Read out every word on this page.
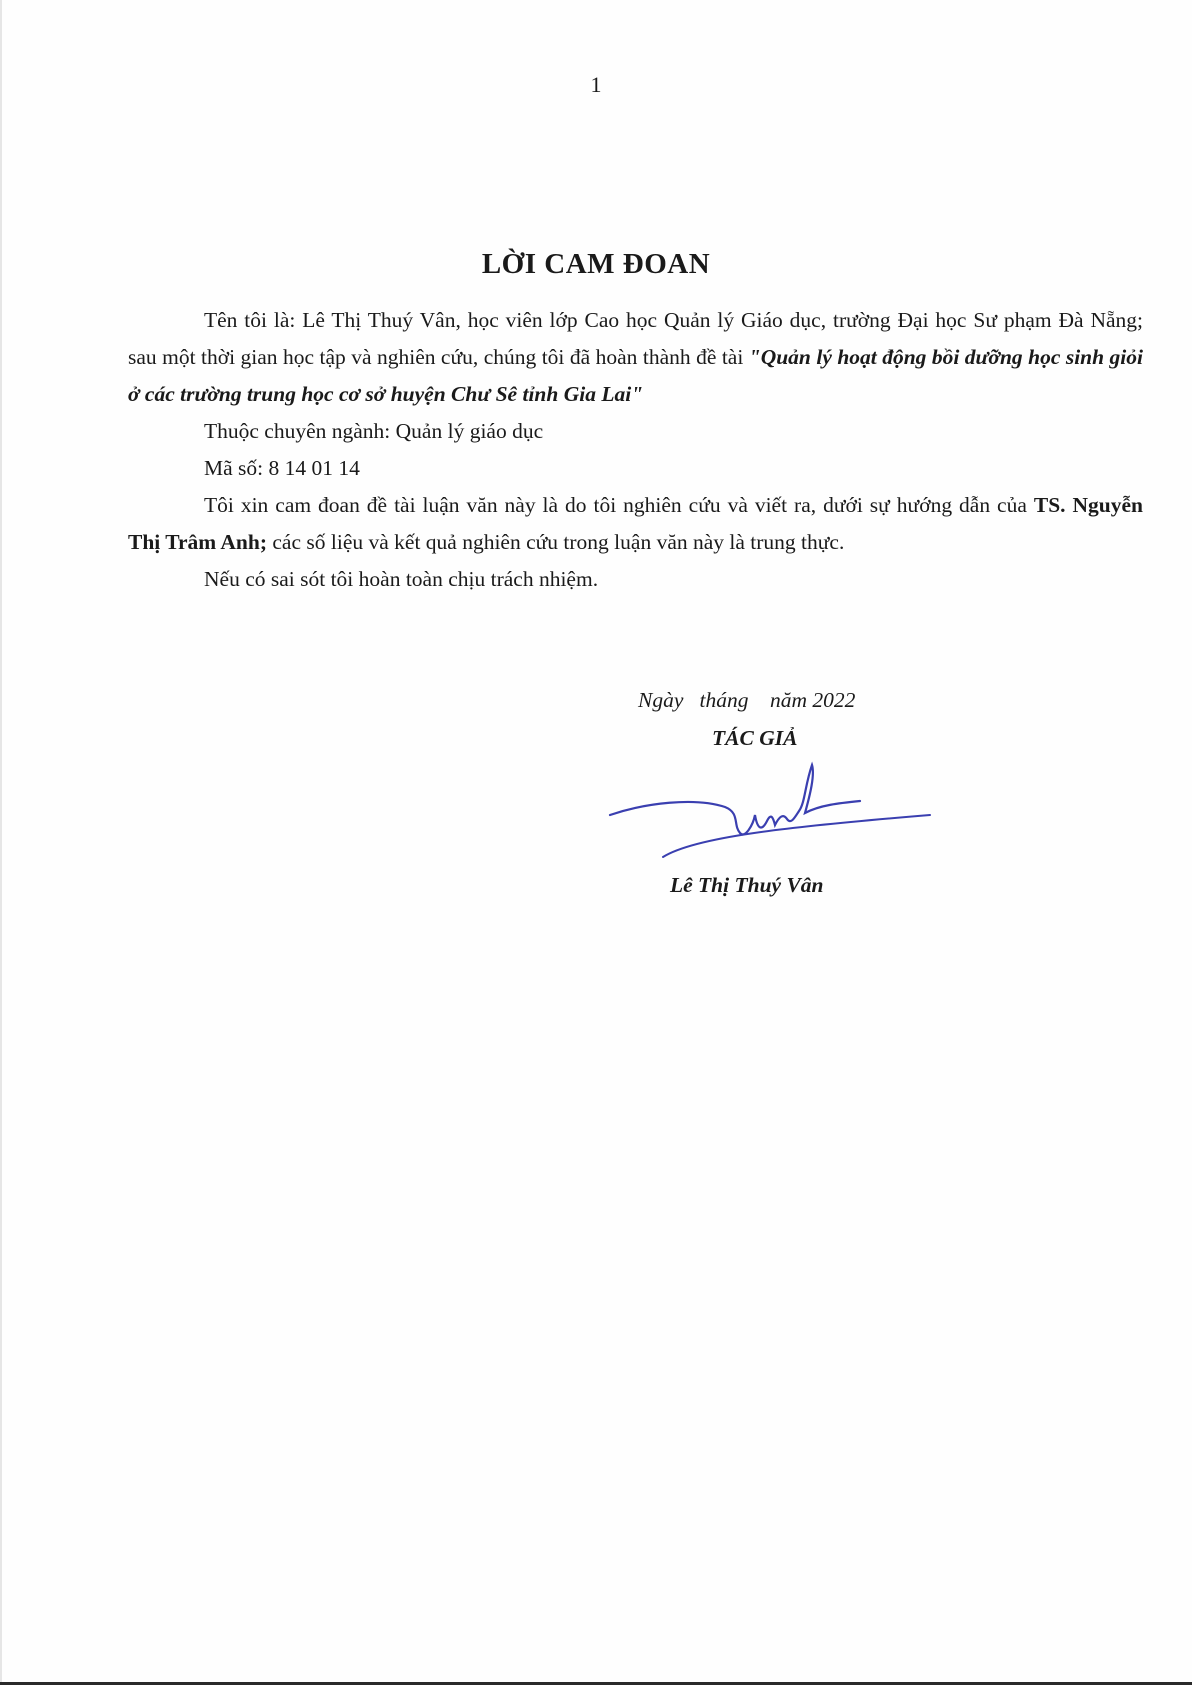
1
LỜI CAM ĐOAN

Tên tôi là: Lê Thị Thuý Vân, học viên lớp Cao học Quản lý Giáo dục, trường Đại học Sư phạm Đà Nẵng; sau một thời gian học tập và nghiên cứu, chúng tôi đã hoàn thành đề tài "Quản lý hoạt động bồi dưỡng học sinh giỏi ở các trường trung học cơ sở huyện Chư Sê tỉnh Gia Lai"

Thuộc chuyên ngành: Quản lý giáo dục

Mã số: 8 14 01 14

Tôi xin cam đoan đề tài luận văn này là do tôi nghiên cứu và viết ra, dưới sự hướng dẫn của TS. Nguyễn Thị Trâm Anh; các số liệu và kết quả nghiên cứu trong luận văn này là trung thực.

Nếu có sai sót tôi hoàn toàn chịu trách nhiệm.

Ngày   tháng    năm 2022
TÁC GIẢ
Lê Thị Thuý Vân
